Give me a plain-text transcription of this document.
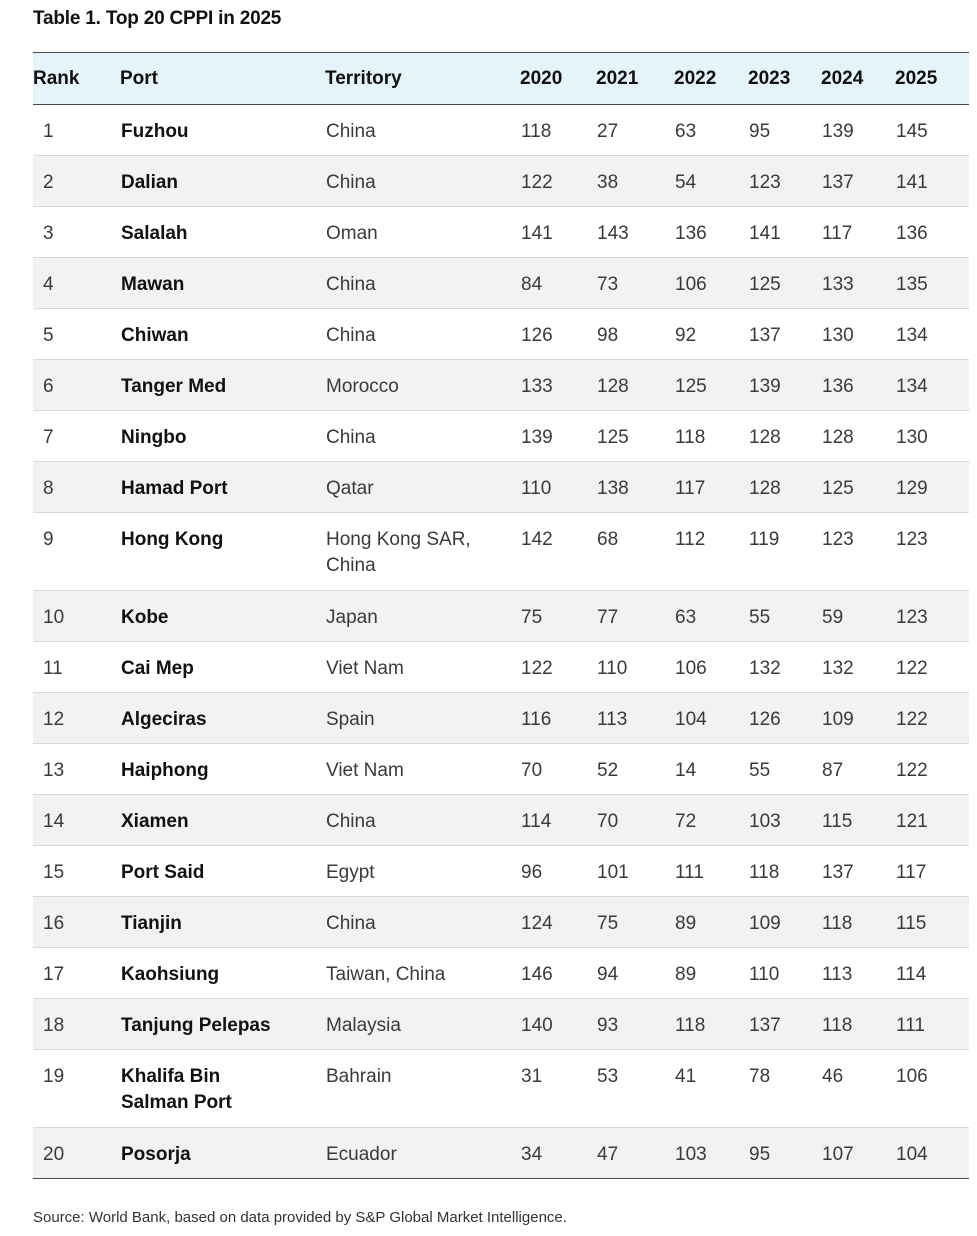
Table 1. Top 20 CPPI in 2025
Rank	Port	Territory	2020	2021	2022	2023	2024	2025
1	Fuzhou	China	118	27	63	95	139	145
2	Dalian	China	122	38	54	123	137	141
3	Salalah	Oman	141	143	136	141	117	136
4	Mawan	China	84	73	106	125	133	135
5	Chiwan	China	126	98	92	137	130	134
6	Tanger Med	Morocco	133	128	125	139	136	134
7	Ningbo	China	139	125	118	128	128	130
8	Hamad Port	Qatar	110	138	117	128	125	129
9	Hong Kong	Hong Kong SAR, China	142	68	112	119	123	123
10	Kobe	Japan	75	77	63	55	59	123
11	Cai Mep	Viet Nam	122	110	106	132	132	122
12	Algeciras	Spain	116	113	104	126	109	122
13	Haiphong	Viet Nam	70	52	14	55	87	122
14	Xiamen	China	114	70	72	103	115	121
15	Port Said	Egypt	96	101	111	118	137	117
16	Tianjin	China	124	75	89	109	118	115
17	Kaohsiung	Taiwan, China	146	94	89	110	113	114
18	Tanjung Pelepas	Malaysia	140	93	118	137	118	111
19	Khalifa Bin Salman Port	Bahrain	31	53	41	78	46	106
20	Posorja	Ecuador	34	47	103	95	107	104
Source: World Bank, based on data provided by S&P Global Market Intelligence.
